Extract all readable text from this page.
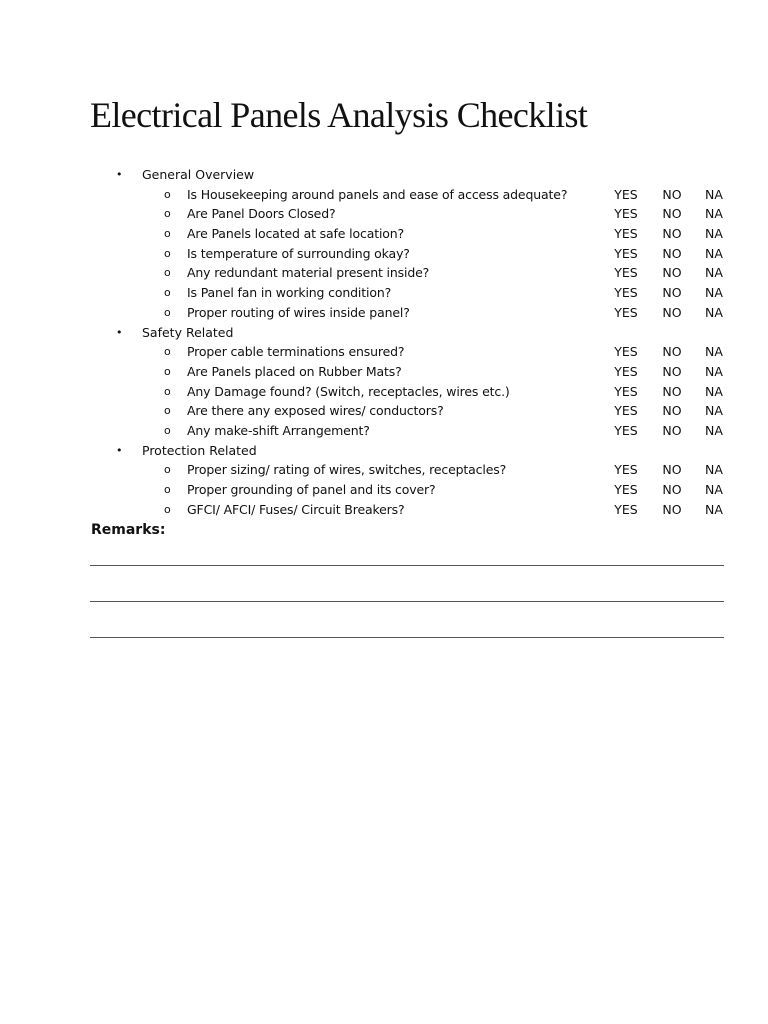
Electrical Panels Analysis Checklist
• General Overview
o Is Housekeeping around panels and ease of access adequate?	YES	NO	NA
o Are Panel Doors Closed?	YES	NO	NA
o Are Panels located at safe location?	YES	NO	NA
o Is temperature of surrounding okay?	YES	NO	NA
o Any redundant material present inside?	YES	NO	NA
o Is Panel fan in working condition?	YES	NO	NA
o Proper routing of wires inside panel?	YES	NO	NA
• Safety Related
o Proper cable terminations ensured?	YES	NO	NA
o Are Panels placed on Rubber Mats?	YES	NO	NA
o Any Damage found? (Switch, receptacles, wires etc.)	YES	NO	NA
o Are there any exposed wires/ conductors?	YES	NO	NA
o Any make-shift Arrangement?	YES	NO	NA
• Protection Related
o Proper sizing/ rating of wires, switches, receptacles?	YES	NO	NA
o Proper grounding of panel and its cover?	YES	NO	NA
o GFCI/ AFCI/ Fuses/ Circuit Breakers?	YES	NO	NA
Remarks:
